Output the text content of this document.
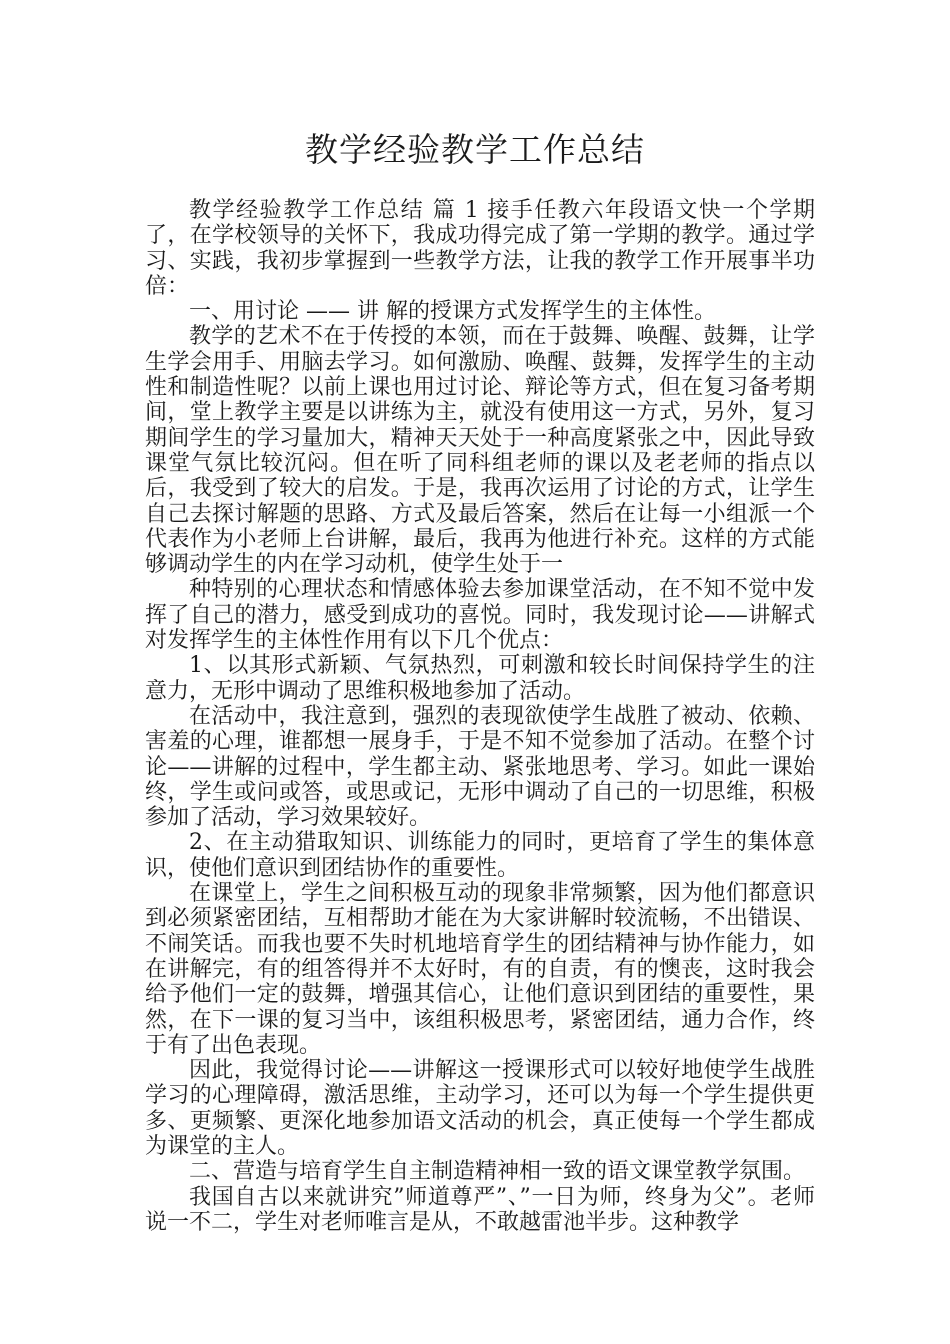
教学经验教学工作总结

教学经验教学工作总结 篇 1 接手任教六年段语文快一个学期了，在学校领导的关怀下，我成功得完成了第一学期的教学。通过学习、实践，我初步掌握到一些教学方法，让我的教学工作开展事半功倍：

一、用讨论 —— 讲 解的授课方式发挥学生的主体性。

教学的艺术不在于传授的本领，而在于鼓舞、唤醒、鼓舞，让学生学会用手、用脑去学习。如何激励、唤醒、鼓舞，发挥学生的主动性和制造性呢？以前上课也用过讨论、辩论等方式，但在复习备考期间，堂上教学主要是以讲练为主，就没有使用这一方式，另外，复习期间学生的学习量加大，精神天天处于一种高度紧张之中，因此导致课堂气氛比较沉闷。但在听了同科组老师的课以及老老师的指点以后，我受到了较大的启发。于是，我再次运用了讨论的方式，让学生自己去探讨解题的思路、方式及最后答案，然后在让每一小组派一个代表作为小老师上台讲解，最后，我再为他进行补充。这样的方式能够调动学生的内在学习动机，使学生处于一

种特别的心理状态和情感体验去参加课堂活动，在不知不觉中发挥了自己的潜力，感受到成功的喜悦。同时，我发现讨论——讲解式对发挥学生的主体性作用有以下几个优点：

1、以其形式新颖、气氛热烈，可刺激和较长时间保持学生的注意力，无形中调动了思维积极地参加了活动。

在活动中，我注意到，强烈的表现欲使学生战胜了被动、依赖、害羞的心理，谁都想一展身手，于是不知不觉参加了活动。在整个讨论——讲解的过程中，学生都主动、紧张地思考、学习。如此一课始终，学生或问或答，或思或记，无形中调动了自己的一切思维，积极参加了活动，学习效果较好。

2、在主动猎取知识、训练能力的同时，更培育了学生的集体意识，使他们意识到团结协作的重要性。

在课堂上，学生之间积极互动的现象非常频繁，因为他们都意识到必须紧密团结，互相帮助才能在为大家讲解时较流畅，不出错误、不闹笑话。而我也要不失时机地培育学生的团结精神与协作能力，如在讲解完，有的组答得并不太好时，有的自责，有的懊丧，这时我会给予他们一定的鼓舞，增强其信心，让他们意识到团结的重要性，果然，在下一课的复习当中，该组积极思考，紧密团结，通力合作，终于有了出色表现。

因此，我觉得讨论——讲解这一授课形式可以较好地使学生战胜学习的心理障碍，激活思维，主动学习，还可以为每一个学生提供更多、更频繁、更深化地参加语文活动的机会，真正使每一个学生都成为课堂的主人。

二、营造与培育学生自主制造精神相一致的语文课堂教学氛围。

我国自古以来就讲究”师道尊严”、”一日为师，终身为父”。老师说一不二，学生对老师唯言是从，不敢越雷池半步。这种教学
